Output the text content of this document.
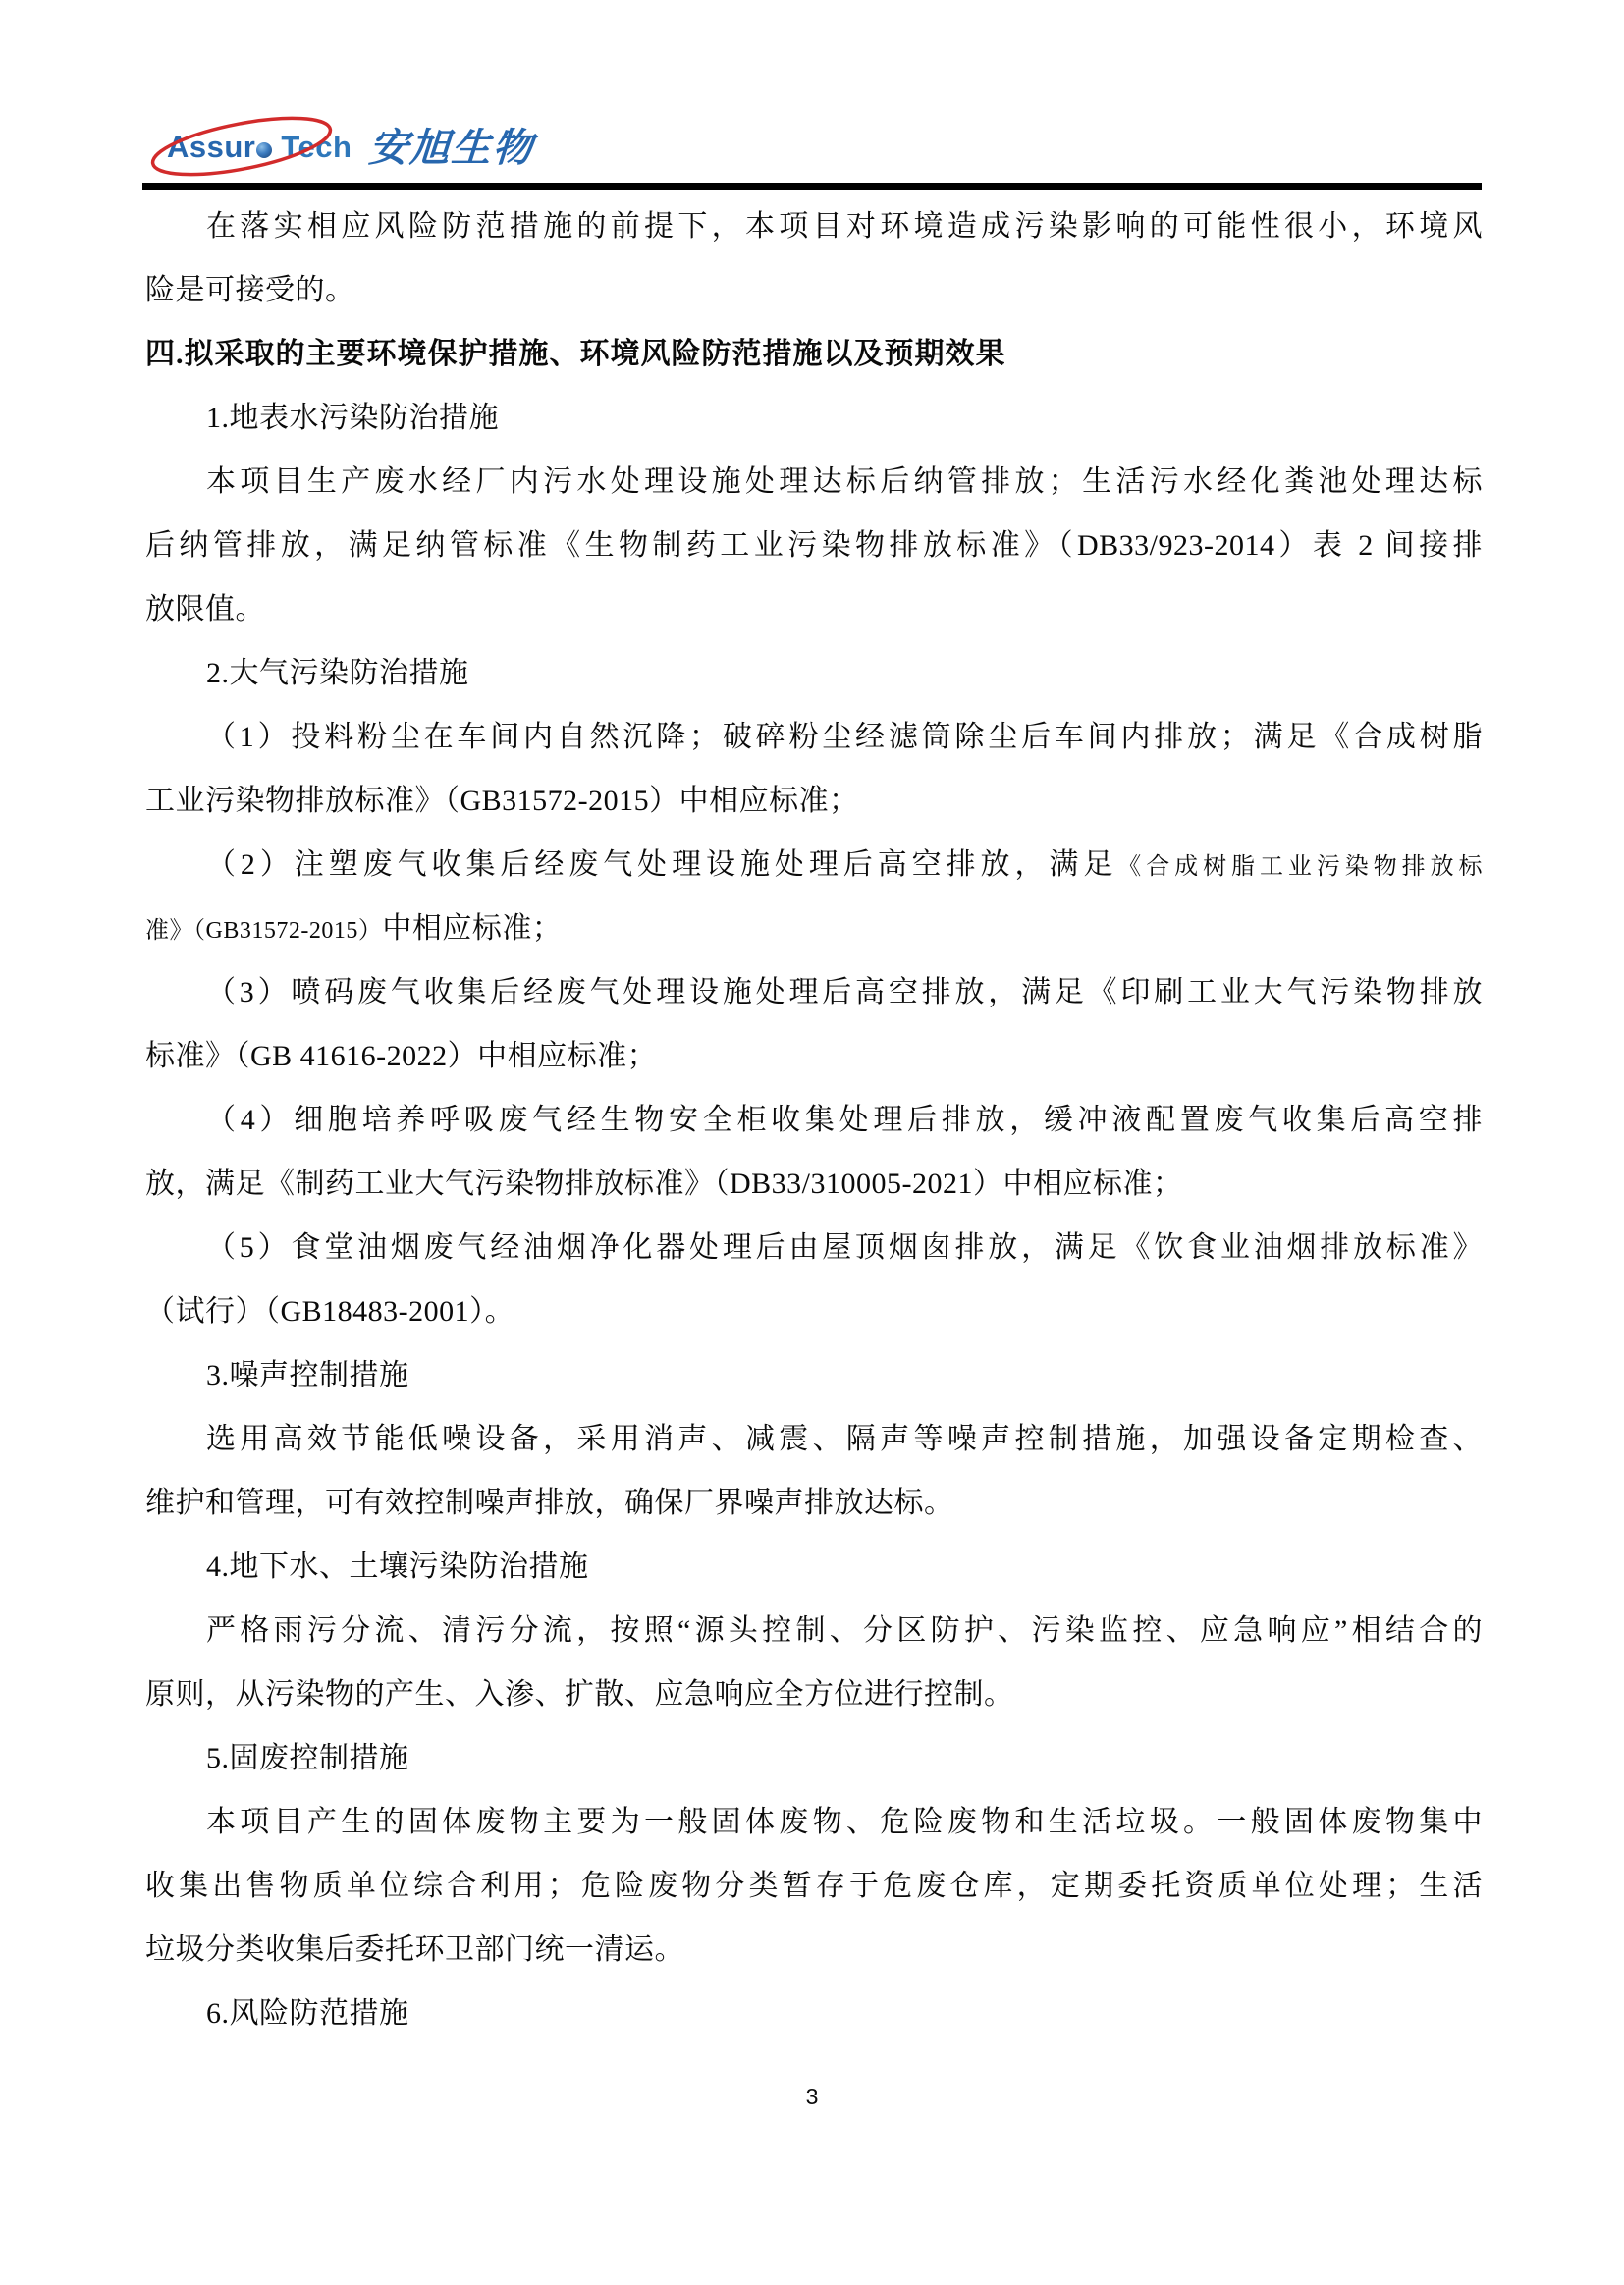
Assur Tech 安旭生物
在落实相应风险防范措施的前提下，本项目对环境造成污染影响的可能性很小，环境风
险是可接受的。
四.拟采取的主要环境保护措施、环境风险防范措施以及预期效果
1.地表水污染防治措施
本项目生产废水经厂内污水处理设施处理达标后纳管排放；生活污水经化粪池处理达标
后纳管排放，满足纳管标准《生物制药工业污染物排放标准》（DB33/923-2014）表 2 间接排
放限值。
2.大气污染防治措施
（1）投料粉尘在车间内自然沉降；破碎粉尘经滤筒除尘后车间内排放；满足《合成树脂
工业污染物排放标准》（GB31572-2015）中相应标准；
（2）注塑废气收集后经废气处理设施处理后高空排放，满足《合成树脂工业污染物排放标
准》（GB31572-2015）中相应标准；
（3）喷码废气收集后经废气处理设施处理后高空排放，满足《印刷工业大气污染物排放
标准》（GB 41616-2022）中相应标准；
（4）细胞培养呼吸废气经生物安全柜收集处理后排放，缓冲液配置废气收集后高空排
放，满足《制药工业大气污染物排放标准》（DB33/310005-2021）中相应标准；
（5）食堂油烟废气经油烟净化器处理后由屋顶烟囱排放，满足《饮食业油烟排放标准》
（试行）（GB18483-2001）。
3.噪声控制措施
选用高效节能低噪设备，采用消声、减震、隔声等噪声控制措施，加强设备定期检查、
维护和管理，可有效控制噪声排放，确保厂界噪声排放达标。
4.地下水、土壤污染防治措施
严格雨污分流、清污分流，按照“源头控制、分区防护、污染监控、应急响应”相结合的
原则，从污染物的产生、入渗、扩散、应急响应全方位进行控制。
5.固废控制措施
本项目产生的固体废物主要为一般固体废物、危险废物和生活垃圾。一般固体废物集中
收集出售物质单位综合利用；危险废物分类暂存于危废仓库，定期委托资质单位处理；生活
垃圾分类收集后委托环卫部门统一清运。
6.风险防范措施
3
